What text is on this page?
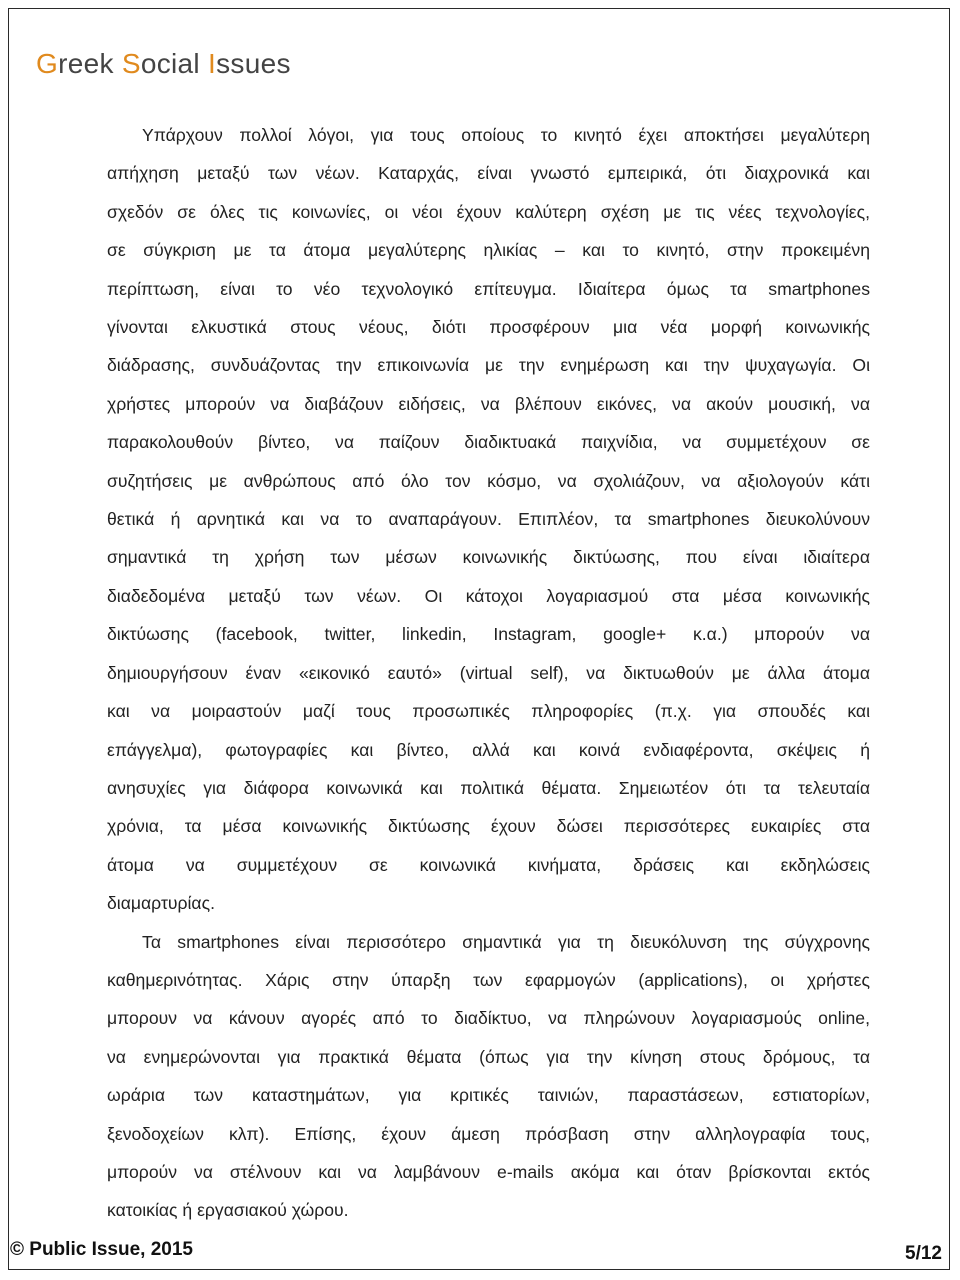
Greek Social Issues
Υπάρχουν πολλοί λόγοι, για τους οποίους το κινητό έχει αποκτήσει μεγαλύτερη
απήχηση μεταξύ των νέων. Καταρχάς, είναι γνωστό εμπειρικά, ότι διαχρονικά και
σχεδόν σε όλες τις κοινωνίες, οι νέοι έχουν καλύτερη σχέση με τις νέες τεχνολογίες,
σε σύγκριση με τα άτομα μεγαλύτερης ηλικίας – και το κινητό, στην προκειμένη
περίπτωση, είναι το νέο τεχνολογικό επίτευγμα. Ιδιαίτερα όμως τα smartphones
γίνονται ελκυστικά στους νέους, διότι προσφέρουν μια νέα μορφή κοινωνικής
διάδρασης, συνδυάζοντας την επικοινωνία με την ενημέρωση και την ψυχαγωγία. Οι
χρήστες μπορούν να διαβάζουν ειδήσεις, να βλέπουν εικόνες, να ακούν μουσική, να
παρακολουθούν βίντεο, να παίζουν διαδικτυακά παιχνίδια, να συμμετέχουν σε
συζητήσεις με ανθρώπους από όλο τον κόσμο, να σχολιάζουν, να αξιολογούν κάτι
θετικά ή αρνητικά και να το αναπαράγουν. Επιπλέον, τα smartphones διευκολύνουν
σημαντικά τη χρήση των μέσων κοινωνικής δικτύωσης, που είναι ιδιαίτερα
διαδεδομένα μεταξύ των νέων. Οι κάτοχοι λογαριασμού στα μέσα κοινωνικής
δικτύωσης (facebook, twitter, linkedin, Instagram, google+ κ.α.) μπορούν να
δημιουργήσουν έναν «εικονικό εαυτό» (virtual self), να δικτυωθούν με άλλα άτομα
και να μοιραστούν μαζί τους προσωπικές πληροφορίες (π.χ. για σπουδές και
επάγγελμα), φωτογραφίες και βίντεο, αλλά και κοινά ενδιαφέροντα, σκέψεις ή
ανησυχίες για διάφορα κοινωνικά και πολιτικά θέματα. Σημειωτέον ότι τα τελευταία
χρόνια, τα μέσα κοινωνικής δικτύωσης έχουν δώσει περισσότερες ευκαιρίες στα
άτομα να συμμετέχουν σε κοινωνικά κινήματα, δράσεις και εκδηλώσεις
διαμαρτυρίας.
Τα smartphones είναι περισσότερο σημαντικά για τη διευκόλυνση της σύγχρονης
καθημερινότητας. Χάρις στην ύπαρξη των εφαρμογών (applications), οι χρήστες
μπορουν να κάνουν αγορές από το διαδίκτυο, να πληρώνουν λογαριασμούς online,
να ενημερώνονται για πρακτικά θέματα (όπως για την κίνηση στους δρόμους, τα
ωράρια των καταστημάτων, για κριτικές ταινιών, παραστάσεων, εστιατορίων,
ξενοδοχείων κλπ). Επίσης, έχουν άμεση πρόσβαση στην αλληλογραφία τους,
μπορούν να στέλνουν και να λαμβάνουν e-mails ακόμα και όταν βρίσκονται εκτός
κατοικίας ή εργασιακού χώρου.
© Public Issue, 2015	5/12
